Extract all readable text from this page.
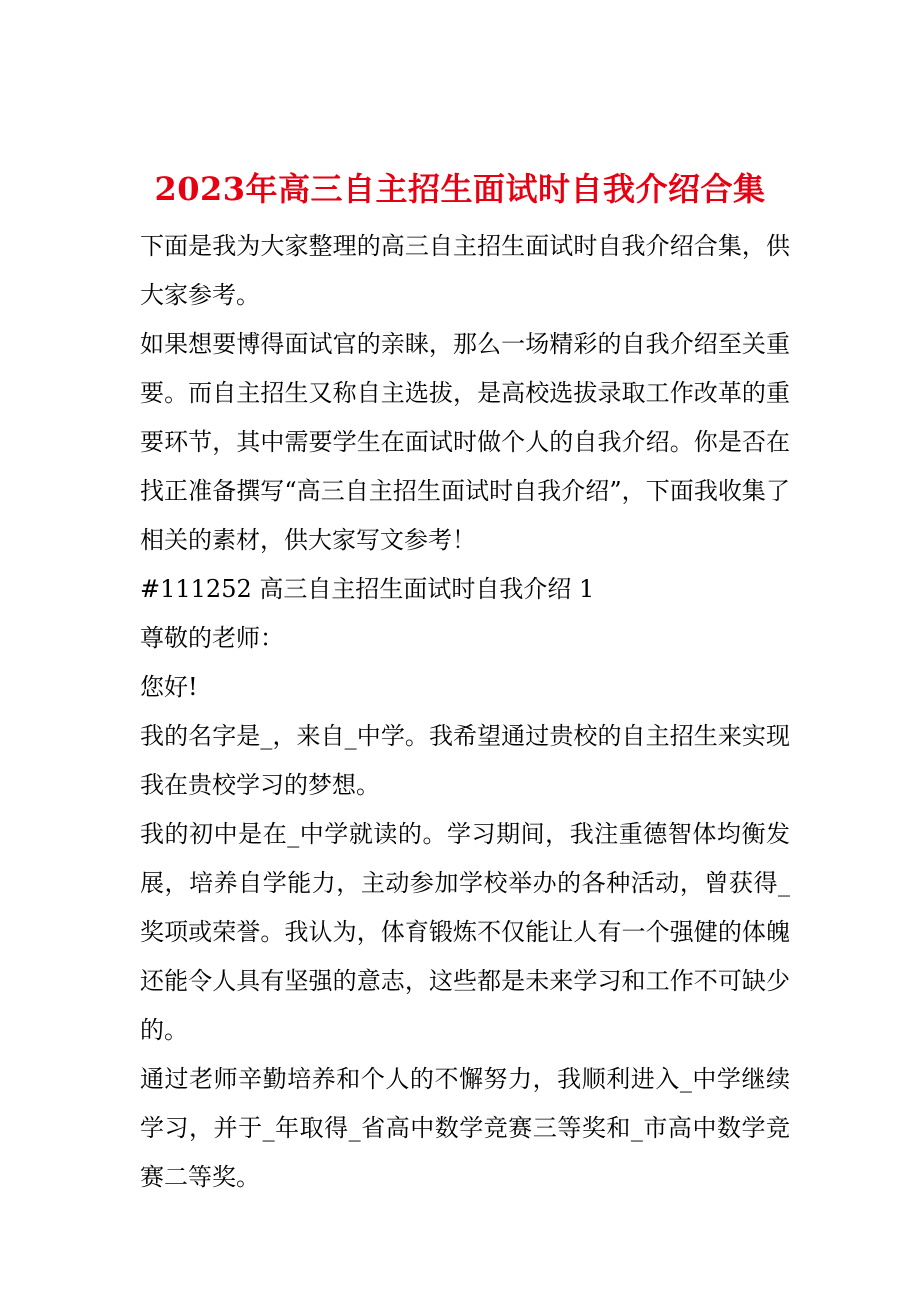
2023年高三自主招生面试时自我介绍合集

下面是我为大家整理的高三自主招生面试时自我介绍合集，供大家参考。

如果想要博得面试官的亲睐，那么一场精彩的自我介绍至关重要。而自主招生又称自主选拔，是高校选拔录取工作改革的重要环节，其中需要学生在面试时做个人的自我介绍。你是否在找正准备撰写“高三自主招生面试时自我介绍”，下面我收集了相关的素材，供大家写文参考！

#111252 高三自主招生面试时自我介绍 1

尊敬的老师：

您好!

我的名字是_，来自_中学。我希望通过贵校的自主招生来实现我在贵校学习的梦想。

我的初中是在_中学就读的。学习期间，我注重德智体均衡发展，培养自学能力，主动参加学校举办的各种活动，曾获得_奖项或荣誉。我认为，体育锻炼不仅能让人有一个强健的体魄还能令人具有坚强的意志，这些都是未来学习和工作不可缺少的。

通过老师辛勤培养和个人的不懈努力，我顺利进入_中学继续学习，并于_年取得_省高中数学竞赛三等奖和_市高中数学竞赛二等奖。
